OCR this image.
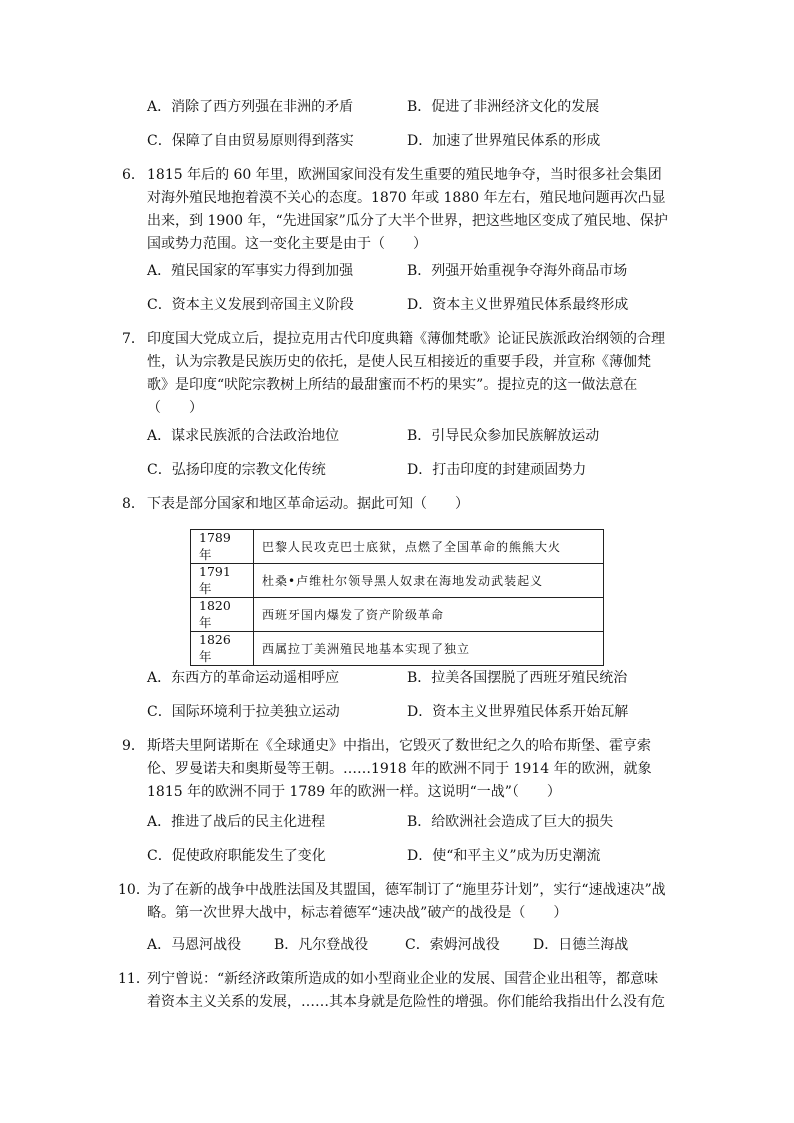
A．消除了西方列强在非洲的矛盾	B．促进了非洲经济文化的发展
C．保障了自由贸易原则得到落实	D．加速了世界殖民体系的形成
6． 1815 年后的 60 年里，欧洲国家间没有发生重要的殖民地争夺，当时很多社会集团对海外殖民地抱着漠不关心的态度。1870 年或 1880 年左右，殖民地问题再次凸显出来，到 1900 年，“先进国家”瓜分了大半个世界，把这些地区变成了殖民地、保护国或势力范围。这一变化主要是由于（　　）
A．殖民国家的军事实力得到加强	B．列强开始重视争夺海外商品市场
C．资本主义发展到帝国主义阶段	D．资本主义世界殖民体系最终形成
7． 印度国大党成立后，提拉克用古代印度典籍《薄伽梵歌》论证民族派政治纲领的合理性，认为宗教是民族历史的依托，是使人民互相接近的重要手段，并宣称《薄伽梵歌》是印度“吠陀宗教树上所结的最甜蜜而不朽的果实”。提拉克的这一做法意在（　　）
A．谋求民族派的合法政治地位	B．引导民众参加民族解放运动
C．弘扬印度的宗教文化传统	D．打击印度的封建顽固势力
8． 下表是部分国家和地区革命运动。据此可知（　　）
1789 年	巴黎人民攻克巴士底狱，点燃了全国革命的熊熊大火
1791 年	杜桑•卢维杜尔领导黑人奴隶在海地发动武装起义
1820 年	西班牙国内爆发了资产阶级革命
1826 年	西属拉丁美洲殖民地基本实现了独立
A．东西方的革命运动遥相呼应	B．拉美各国摆脱了西班牙殖民统治
C．国际环境利于拉美独立运动	D．资本主义世界殖民体系开始瓦解
9． 斯塔夫里阿诺斯在《全球通史》中指出，它毁灭了数世纪之久的哈布斯堡、霍亨索伦、罗曼诺夫和奥斯曼等王朝。……1918 年的欧洲不同于 1914 年的欧洲，就象 1815 年的欧洲不同于 1789 年的欧洲一样。这说明“一战”（　　）
A．推进了战后的民主化进程	B．给欧洲社会造成了巨大的损失
C．促使政府职能发生了变化	D．使“和平主义”成为历史潮流
10．
为了在新的战争中战胜法国及其盟国，德军制订了“施里芬计划”，实行“速战速决”战略。第一次世界大战中，标志着德军“速决战”破产的战役是（　　）
A．马恩河战役 B．凡尔登战役	C．索姆河战役 D．日德兰海战
11．
列宁曾说：“新经济政策所造成的如小型商业企业的发展、国营企业出租等，都意味着资本主义关系的发展，……其本身就是危险性的增强。你们能给我指出什么没有危
